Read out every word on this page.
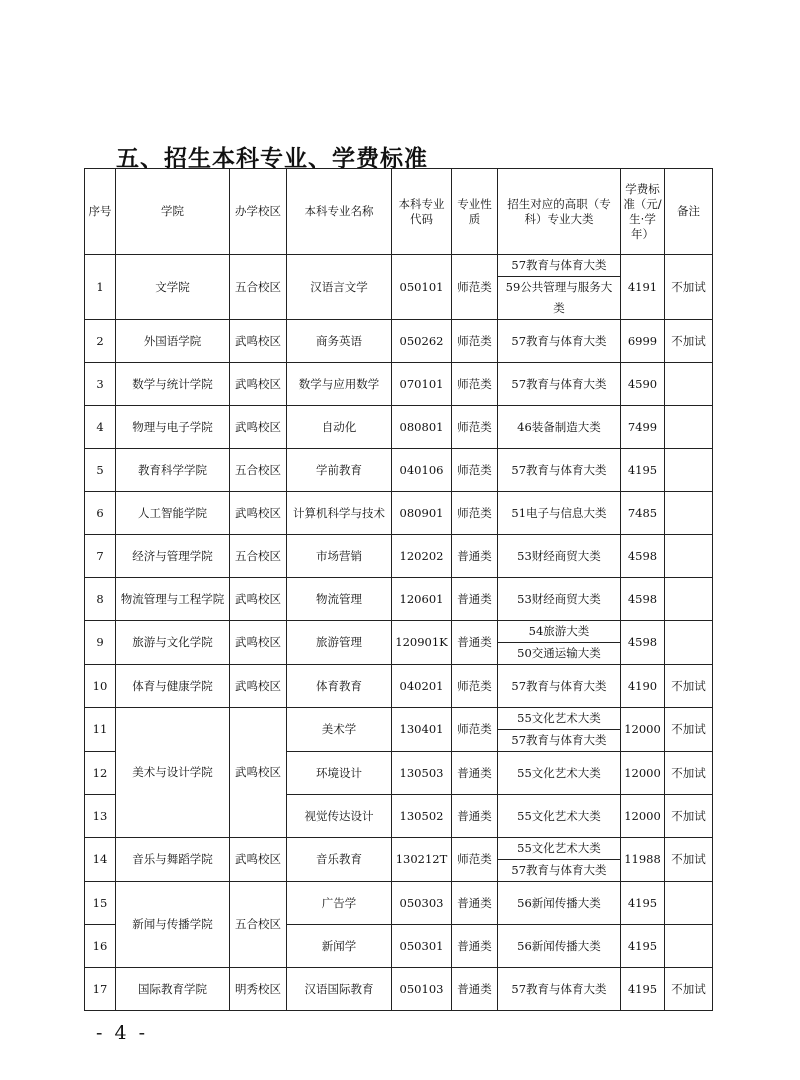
五、招生本科专业、学费标准
序号	学院	办学校区	本科专业名称	本科专业代码	专业性质	招生对应的高职（专科）专业大类	学费标准（元/生·学年）	备注
1	文学院	五合校区	汉语言文学	050101	师范类	57教育与体育大类	4191	不加试
						59公共管理与服务大类		
2	外国语学院	武鸣校区	商务英语	050262	师范类	57教育与体育大类	6999	不加试
3	数学与统计学院	武鸣校区	数学与应用数学	070101	师范类	57教育与体育大类	4590	
4	物理与电子学院	武鸣校区	自动化	080801	师范类	46装备制造大类	7499	
5	教育科学学院	五合校区	学前教育	040106	师范类	57教育与体育大类	4195	
6	人工智能学院	武鸣校区	计算机科学与技术	080901	师范类	51电子与信息大类	7485	
7	经济与管理学院	五合校区	市场营销	120202	普通类	53财经商贸大类	4598	
8	物流管理与工程学院	武鸣校区	物流管理	120601	普通类	53财经商贸大类	4598	
9	旅游与文化学院	武鸣校区	旅游管理	120901K	普通类	54旅游大类	4598	
						50交通运输大类		
10	体育与健康学院	武鸣校区	体育教育	040201	师范类	57教育与体育大类	4190	不加试
11	美术与设计学院	武鸣校区	美术学	130401	师范类	55文化艺术大类	12000	不加试
						57教育与体育大类		
12			环境设计	130503	普通类	55文化艺术大类	12000	不加试
13			视觉传达设计	130502	普通类	55文化艺术大类	12000	不加试
14	音乐与舞蹈学院	武鸣校区	音乐教育	130212T	师范类	55文化艺术大类	11988	不加试
						57教育与体育大类		
15	新闻与传播学院	五合校区	广告学	050303	普通类	56新闻传播大类	4195	
16			新闻学	050301	普通类	56新闻传播大类	4195	
17	国际教育学院	明秀校区	汉语国际教育	050103	普通类	57教育与体育大类	4195	不加试
- 4 -
